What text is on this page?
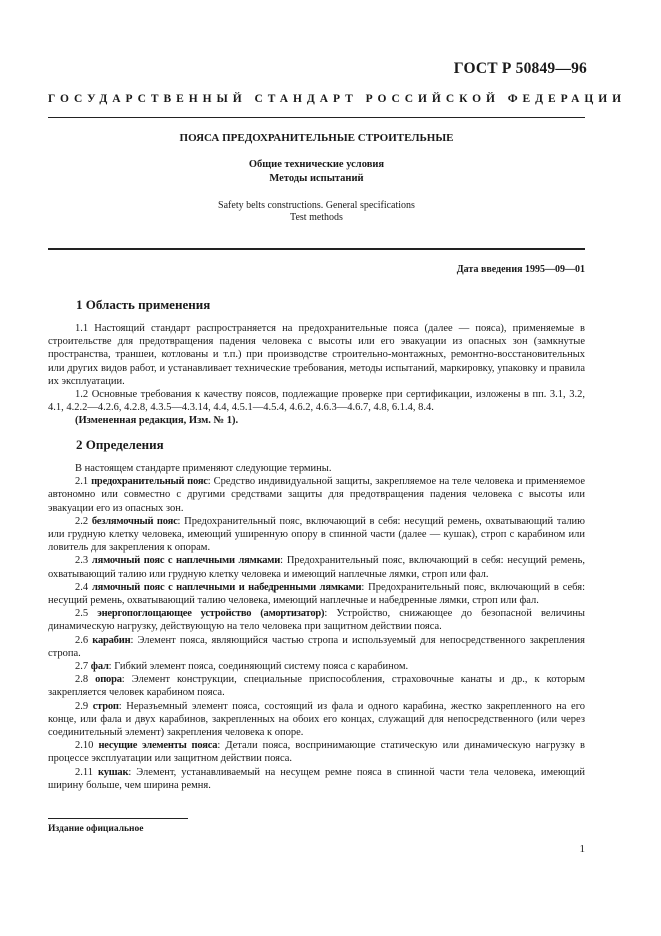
ГОСТ Р 50849—96
ГОСУДАРСТВЕННЫЙ СТАНДАРТ РОССИЙСКОЙ ФЕДЕРАЦИИ
ПОЯСА ПРЕДОХРАНИТЕЛЬНЫЕ СТРОИТЕЛЬНЫЕ
Общие технические условия
Методы испытаний
Safety belts constructions. General specifications
Test methods
Дата введения 1995—09—01
1 Область применения

1.1 Настоящий стандарт распространяется на предохранительные пояса (далее — пояса), применяемые в строительстве для предотвращения падения человека с высоты или его эвакуации из опасных зон (замкнутые пространства, траншеи, котлованы и т.п.) при производстве строительно-монтажных, ремонтно-восстановительных или других видов работ, и устанавливает технические требования, методы испытаний, маркировку, упаковку и правила их эксплуатации.

1.2 Основные требования к качеству поясов, подлежащие проверке при сертификации, изложены в пп. 3.1, 3.2, 4.1, 4.2.2—4.2.6, 4.2.8, 4.3.5—4.3.14, 4.4, 4.5.1—4.5.4, 4.6.2, 4.6.3—4.6.7, 4.8, 6.1.4, 8.4.

(Измененная редакция, Изм. № 1).

2 Определения

В настоящем стандарте применяют следующие термины.

2.1 предохранительный пояс: Средство индивидуальной защиты, закрепляемое на теле человека и применяемое автономно или совместно с другими средствами защиты для предотвращения падения человека с высоты или эвакуации его из опасных зон.

2.2 безлямочный пояс: Предохранительный пояс, включающий в себя: несущий ремень, охватывающий талию или грудную клетку человека, имеющий уширенную опору в спинной части (далее — кушак), строп с карабином или ловитель для закрепления к опорам.

2.3 лямочный пояс с наплечными лямками: Предохранительный пояс, включающий в себя: несущий ремень, охватывающий талию или грудную клетку человека и имеющий наплечные лямки, строп или фал.

2.4 лямочный пояс с наплечными и набедренными лямками: Предохранительный пояс, включающий в себя: несущий ремень, охватывающий талию человека, имеющий наплечные и набедренные лямки, строп или фал.

2.5 энергопоглощающее устройство (амортизатор): Устройство, снижающее до безопасной величины динамическую нагрузку, действующую на тело человека при защитном действии пояса.

2.6 карабин: Элемент пояса, являющийся частью стропа и используемый для непосредственного закрепления стропа.

2.7 фал: Гибкий элемент пояса, соединяющий систему пояса с карабином.

2.8 опора: Элемент конструкции, специальные приспособления, страховочные канаты и др., к которым закрепляется человек карабином пояса.

2.9 строп: Неразъемный элемент пояса, состоящий из фала и одного карабина, жестко закрепленного на его конце, или фала и двух карабинов, закрепленных на обоих его концах, служащий для непосредственного (или через соединительный элемент) закрепления человека к опоре.

2.10 несущие элементы пояса: Детали пояса, воспринимающие статическую или динамическую нагрузку в процессе эксплуатации или защитном действии пояса.

2.11 кушак: Элемент, устанавливаемый на несущем ремне пояса в спинной части тела человека, имеющий ширину больше, чем ширина ремня.

Издание официальное
1
